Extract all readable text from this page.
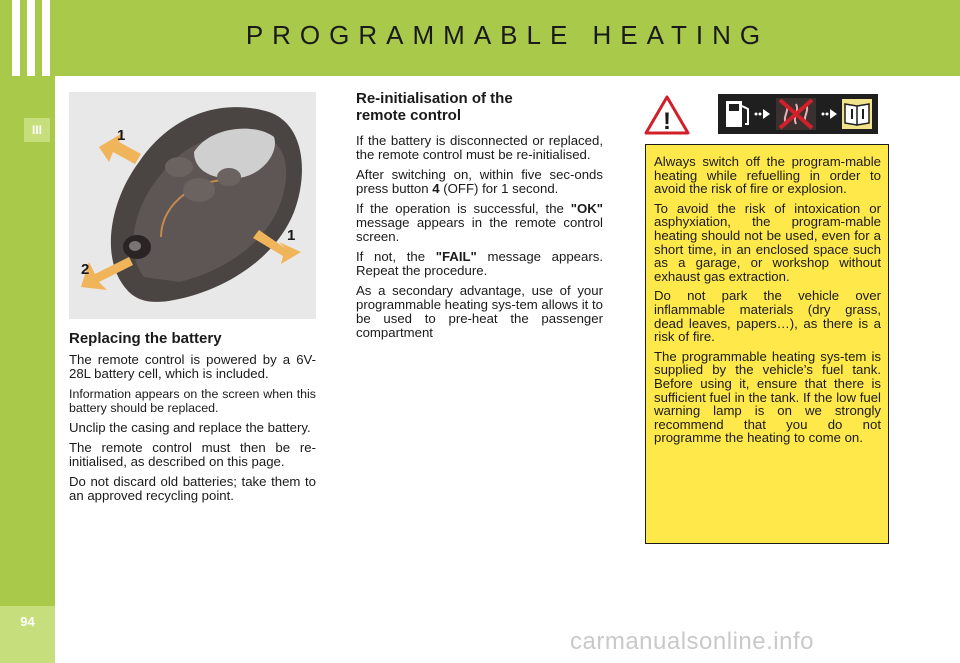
PROGRAMMABLE HEATING
III
94
1
1
2
Replacing the battery

The remote control is powered by a 6V-28L battery cell, which is included.

Information appears on the screen when this battery should be replaced.

Unclip the casing and replace the battery.

The remote control must then be re-initialised, as described on this page.

Do not discard old batteries; take them to an approved recycling point.

Re-initialisation of the
remote control

If the battery is disconnected or replaced, the remote control must be re-initialised.

After switching on, within five sec-onds press button 4 (OFF) for 1 second.

If the operation is successful, the "OK" message appears in the remote control screen.

If not, the "FAIL" message appears. Repeat the procedure.

As a secondary advantage, use of your programmable heating sys-tem allows it to be used to pre-heat the passenger compartment

!

Always switch off the program-mable heating while refuelling in order to avoid the risk of fire or explosion.

To avoid the risk of intoxication or asphyxiation, the program-mable heating should not be used, even for a short time, in an enclosed space such as a garage, or workshop without exhaust gas extraction.

Do not park the vehicle over inflammable materials (dry grass, dead leaves, papers…), as there is a risk of fire.

The programmable heating sys-tem is supplied by the vehicle’s fuel tank. Before using it, ensure that there is sufficient fuel in the tank. If the low fuel warning lamp is on we strongly recommend that you do not programme the heating to come on.

carmanualsonline.info
